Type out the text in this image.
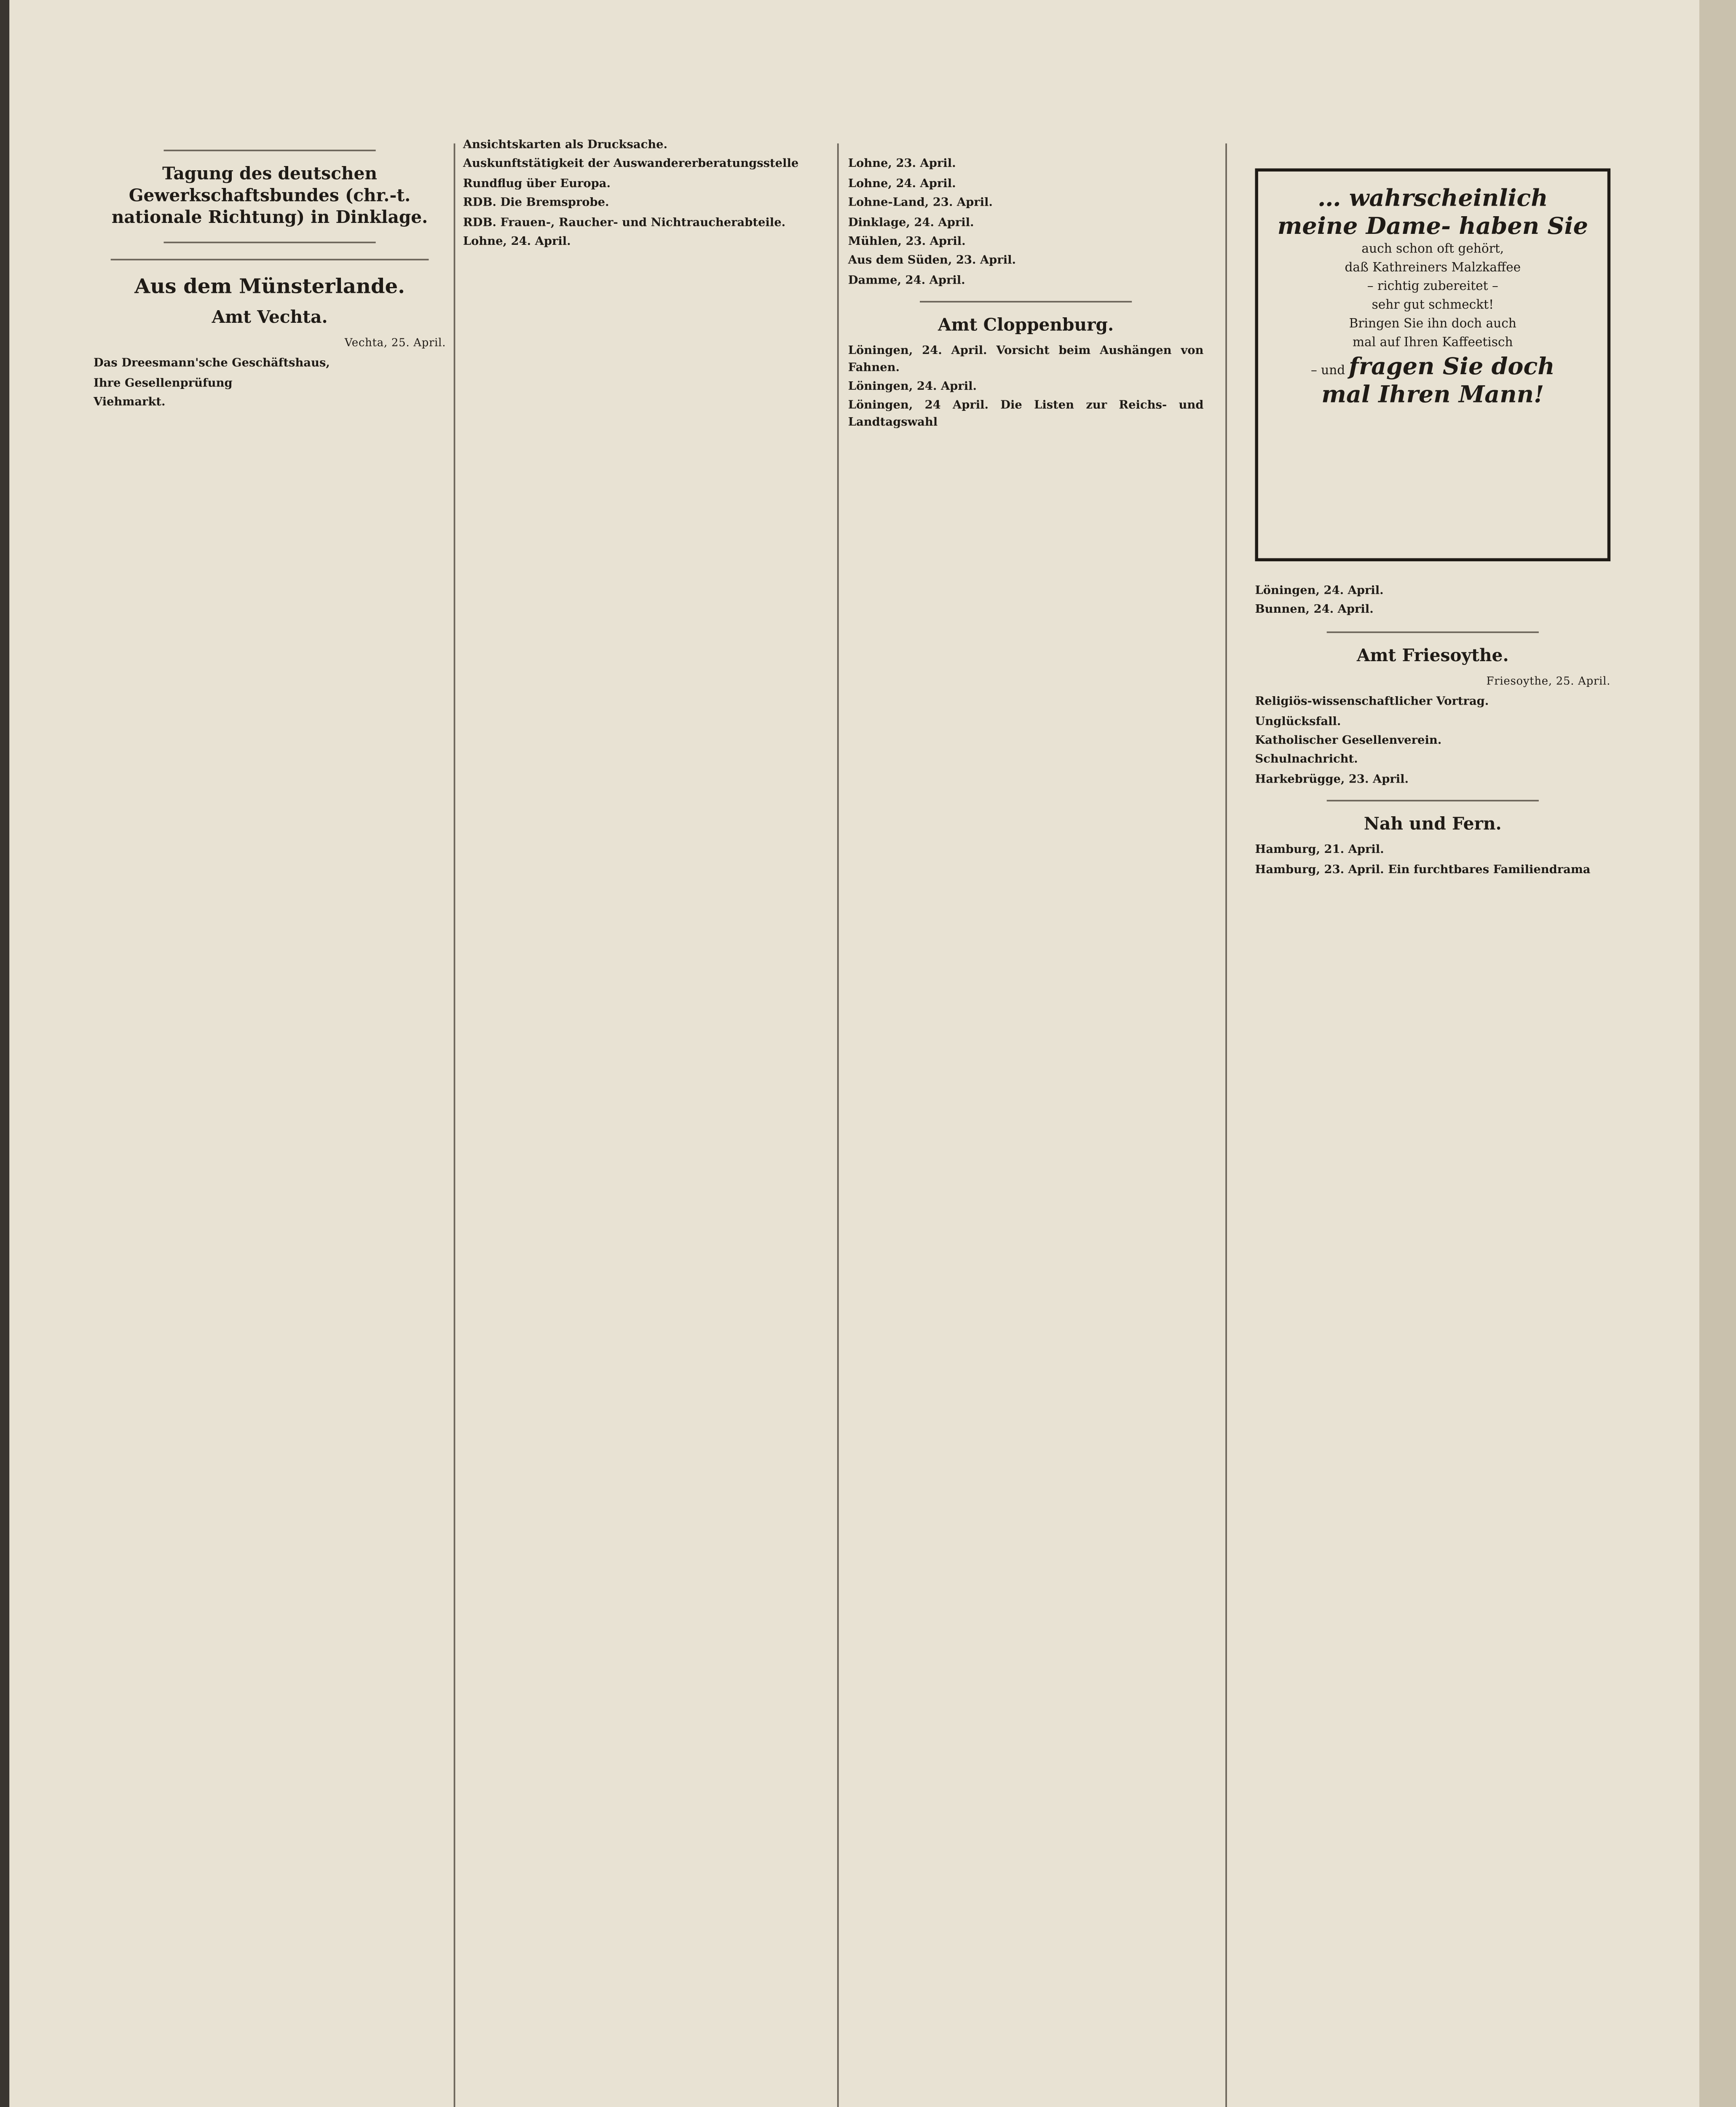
Tagung des deutschen Gewerkschaftsbundes (chr.-t. nationale Richtung) in Dinklage.

Aus dem Münsterlande.
Amt Vechta.
Vechta, 25. April.
Das Dreesmann'sche Geschäftshaus,
Ihre Gesellenprüfung
Viehmarkt.
Ansichtskarten als Drucksache.
Auskunftstätigkeit der Auswandererberatungsstelle
Rundflug über Europa.
RDB. Die Bremsprobe.
RDB. Frauen-, Raucher- und Nichtraucherabteile.
Lohne, 24. April.
Lohne, 23. April.
Lohne, 24. April.
Lohne-Land, 23. April.
Dinklage, 24. April.
Mühlen, 23. April.
Aus dem Süden, 23. April.
Damme, 24. April.
Amt Cloppenburg.
Löningen, 24. April. Vorsicht beim Aushängen von Fahnen.
Löningen, 24. April.
Löningen, 24 April. Die Listen zur Reichs- und Landtagswahl
… wahrscheinlich
meine Dame- haben Sie
auch schon oft gehört,
daß Kathreiners Malzkaffee
– richtig zubereitet –
sehr gut schmeckt!
Bringen Sie ihn doch auch
mal auf Ihren Kaffeetisch
– und fragen Sie doch
mal Ihren Mann!

Löningen, 24. April.
Bunnen, 24. April.
Amt Friesoythe.
Friesoythe, 25. April.
Religiös-wissenschaftlicher Vortrag.
Unglücksfall.
Katholischer Gesellenverein.
Schulnachricht.
Harkebrügge, 23. April.
Nah und Fern.
Hamburg, 21. April.
Hamburg, 23. April. Ein furchtbares Familiendrama
